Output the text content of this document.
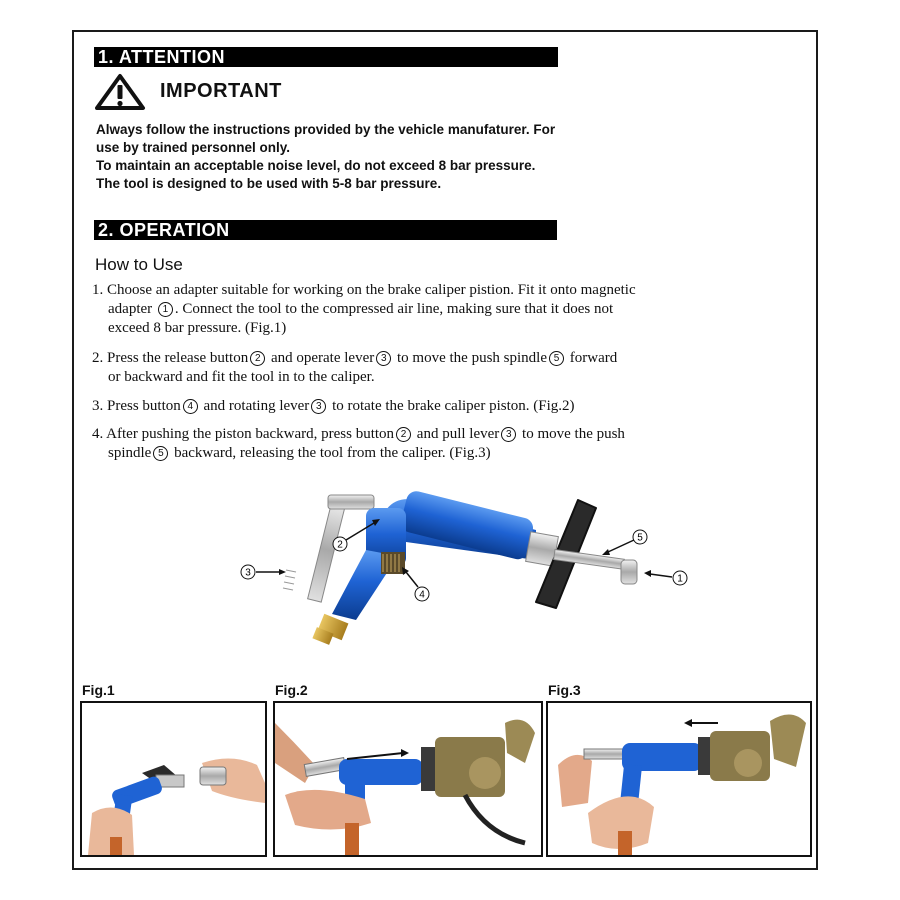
1. ATTENTION
IMPORTANT
Always follow the instructions provided by the vehicle manufaturer. For
use by trained personnel only.
To maintain an acceptable noise level, do not exceed 8 bar pressure.
The tool is designed to be used with 5-8 bar pressure.
2. OPERATION
How to Use
1. Choose an adapter suitable for working on the brake caliper pistion. Fit it onto magnetic
adapter 1 . Connect the tool to the compressed air line, making sure that it does not
exceed 8 bar pressure. (Fig.1)
2. Press the release button 2 and operate lever 3 to move the push spindle 5 forward
or backward and fit the tool in to the caliper.
3. Press button 4 and rotating lever 3 to rotate the brake caliper piston. (Fig.2)
4. After pushing the piston backward, press button 2 and pull lever 3 to move the push
spindle 5 backward, releasing the tool from the caliper. (Fig.3)
3
2
4
5
1
Fig.1	Fig.2	Fig.3
